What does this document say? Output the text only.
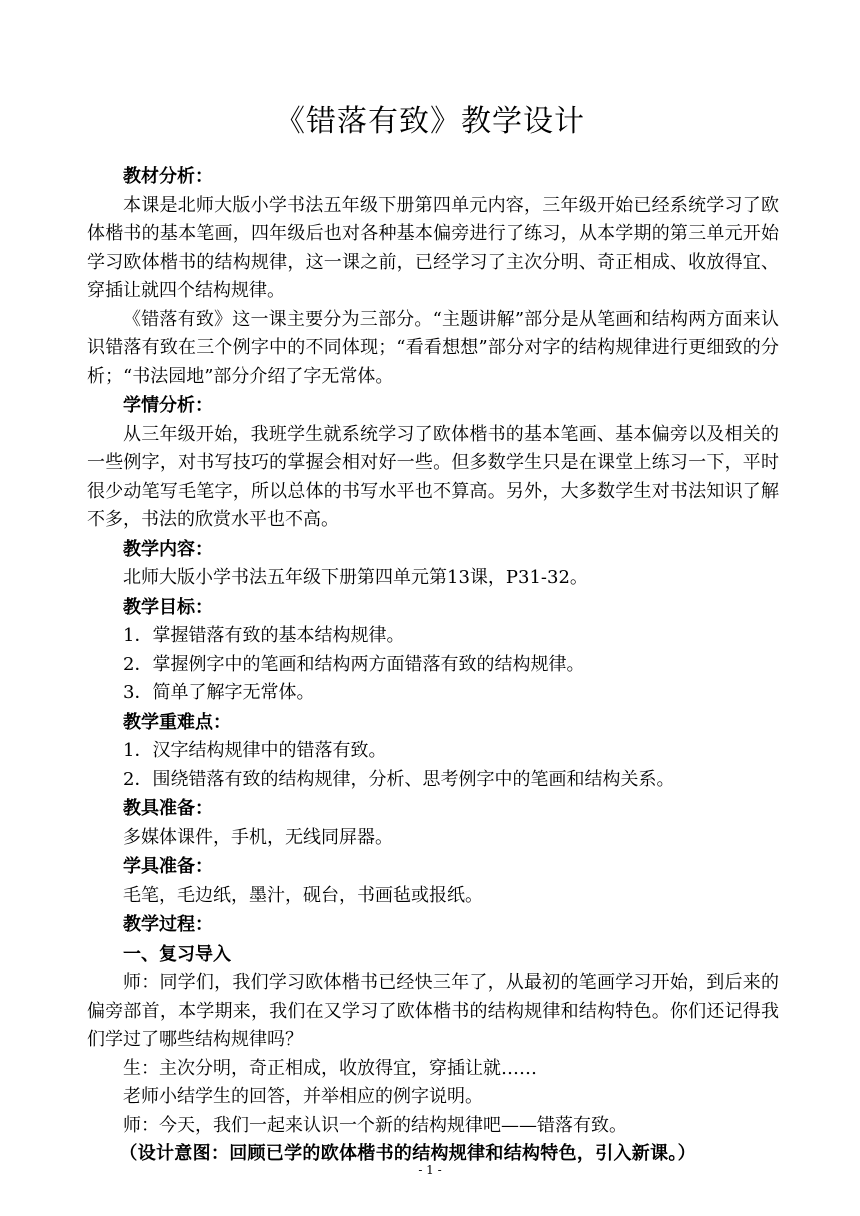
《错落有致》教学设计

教材分析：

本课是北师大版小学书法五年级下册第四单元内容，三年级开始已经系统学习了欧体楷书的基本笔画，四年级后也对各种基本偏旁进行了练习，从本学期的第三单元开始学习欧体楷书的结构规律，这一课之前，已经学习了主次分明、奇正相成、收放得宜、穿插让就四个结构规律。

《错落有致》这一课主要分为三部分。“主题讲解”部分是从笔画和结构两方面来认识错落有致在三个例字中的不同体现；“看看想想”部分对字的结构规律进行更细致的分析；“书法园地”部分介绍了字无常体。

学情分析：

从三年级开始，我班学生就系统学习了欧体楷书的基本笔画、基本偏旁以及相关的一些例字，对书写技巧的掌握会相对好一些。但多数学生只是在课堂上练习一下，平时很少动笔写毛笔字，所以总体的书写水平也不算高。另外，大多数学生对书法知识了解不多，书法的欣赏水平也不高。

教学内容：

北师大版小学书法五年级下册第四单元第13课，P31-32。

教学目标：

1．掌握错落有致的基本结构规律。

2．掌握例字中的笔画和结构两方面错落有致的结构规律。

3．简单了解字无常体。

教学重难点：

1．汉字结构规律中的错落有致。

2．围绕错落有致的结构规律，分析、思考例字中的笔画和结构关系。

教具准备：

多媒体课件，手机，无线同屏器。

学具准备：

毛笔，毛边纸，墨汁，砚台，书画毡或报纸。

教学过程：

一、复习导入

师：同学们，我们学习欧体楷书已经快三年了，从最初的笔画学习开始，到后来的偏旁部首，本学期来，我们在又学习了欧体楷书的结构规律和结构特色。你们还记得我们学过了哪些结构规律吗？

生：主次分明，奇正相成，收放得宜，穿插让就……

老师小结学生的回答，并举相应的例字说明。

师：今天，我们一起来认识一个新的结构规律吧——错落有致。

（设计意图：回顾已学的欧体楷书的结构规律和结构特色，引入新课。）

- 1 -
